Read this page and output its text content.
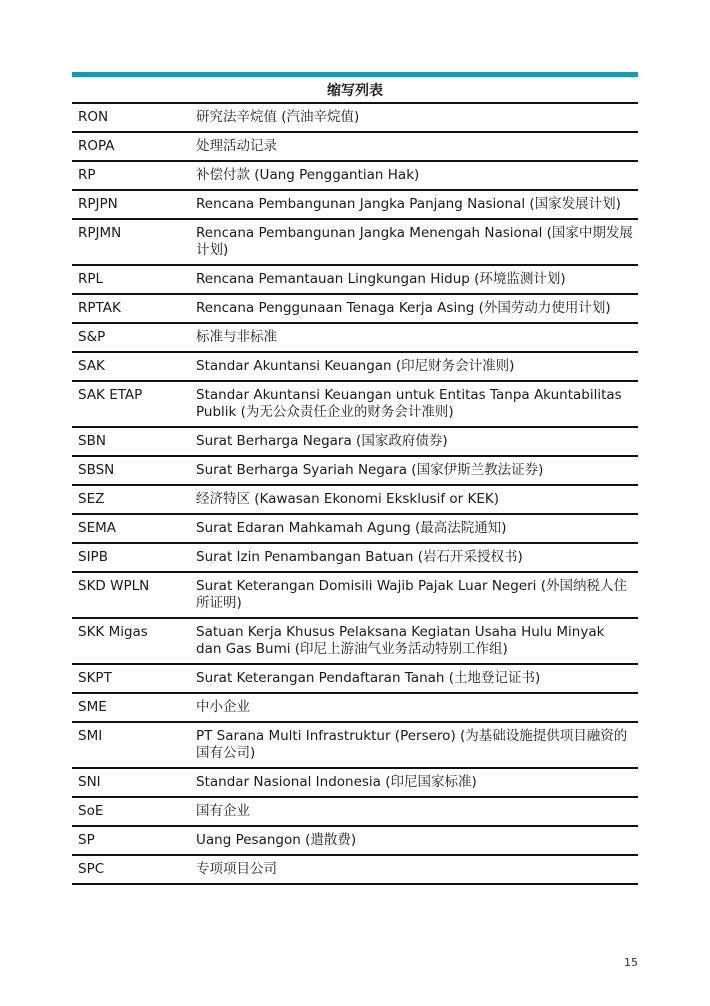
缩写列表	
RON	研究法辛烷值 (汽油辛烷值)
ROPA	处理活动记录
RP	补偿付款 (Uang Penggantian Hak)
RPJPN	Rencana Pembangunan Jangka Panjang Nasional (国家发展计划)
RPJMN	Rencana Pembangunan Jangka Menengah Nasional (国家中期发展计划)
RPL	Rencana Pemantauan Lingkungan Hidup (环境监测计划)
RPTAK	Rencana Penggunaan Tenaga Kerja Asing (外国劳动力使用计划)
S&P	标准与非标准
SAK	Standar Akuntansi Keuangan (印尼财务会计准则)
SAK ETAP	Standar Akuntansi Keuangan untuk Entitas Tanpa Akuntabilitas Publik (为无公众责任企业的财务会计准则)
SBN	Surat Berharga Negara (国家政府债券)
SBSN	Surat Berharga Syariah Negara (国家伊斯兰教法证券)
SEZ	经济特区 (Kawasan Ekonomi Eksklusif or KEK)
SEMA	Surat Edaran Mahkamah Agung (最高法院通知)
SIPB	Surat Izin Penambangan Batuan (岩石开采授权书)
SKD WPLN	Surat Keterangan Domisili Wajib Pajak Luar Negeri (外国纳税人住所证明)
SKK Migas	Satuan Kerja Khusus Pelaksana Kegiatan Usaha Hulu Minyak dan Gas Bumi (印尼上游油气业务活动特别工作组)
SKPT	Surat Keterangan Pendaftaran Tanah (土地登记证书)
SME	中小企业
SMI	PT Sarana Multi Infrastruktur (Persero) (为基础设施提供项目融资的国有公司)
SNI	Standar Nasional Indonesia (印尼国家标准)
SoE	国有企业
SP	Uang Pesangon (遣散费)
SPC	专项项目公司
15
